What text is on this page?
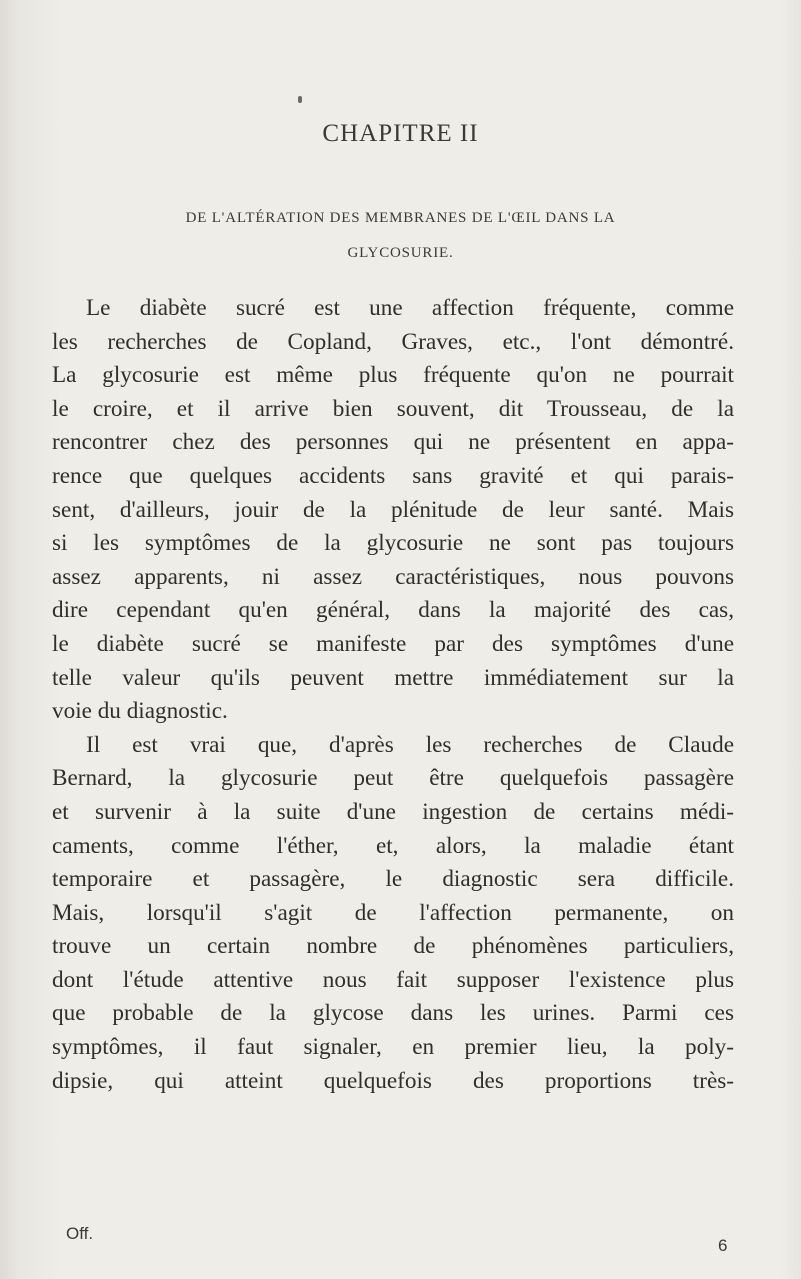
CHAPITRE II
DE L'ALTÉRATION DES MEMBRANES DE L'ŒIL DANS LA
GLYCOSURIE.
Le diabète sucré est une affection fréquente, comme
les recherches de Copland, Graves, etc., l'ont démontré.
La glycosurie est même plus fréquente qu'on ne pourrait
le croire, et il arrive bien souvent, dit Trousseau, de la
rencontrer chez des personnes qui ne présentent en appa-
rence que quelques accidents sans gravité et qui parais-
sent, d'ailleurs, jouir de la plénitude de leur santé. Mais
si les symptômes de la glycosurie ne sont pas toujours
assez apparents, ni assez caractéristiques, nous pouvons
dire cependant qu'en général, dans la majorité des cas,
le diabète sucré se manifeste par des symptômes d'une
telle valeur qu'ils peuvent mettre immédiatement sur la
voie du diagnostic.
Il est vrai que, d'après les recherches de Claude
Bernard, la glycosurie peut être quelquefois passagère
et survenir à la suite d'une ingestion de certains médi-
caments, comme l'éther, et, alors, la maladie étant
temporaire et passagère, le diagnostic sera difficile.
Mais, lorsqu'il s'agit de l'affection permanente, on
trouve un certain nombre de phénomènes particuliers,
dont l'étude attentive nous fait supposer l'existence plus
que probable de la glycose dans les urines. Parmi ces
symptômes, il faut signaler, en premier lieu, la poly-
dipsie, qui atteint quelquefois des proportions très-
Off.
6
